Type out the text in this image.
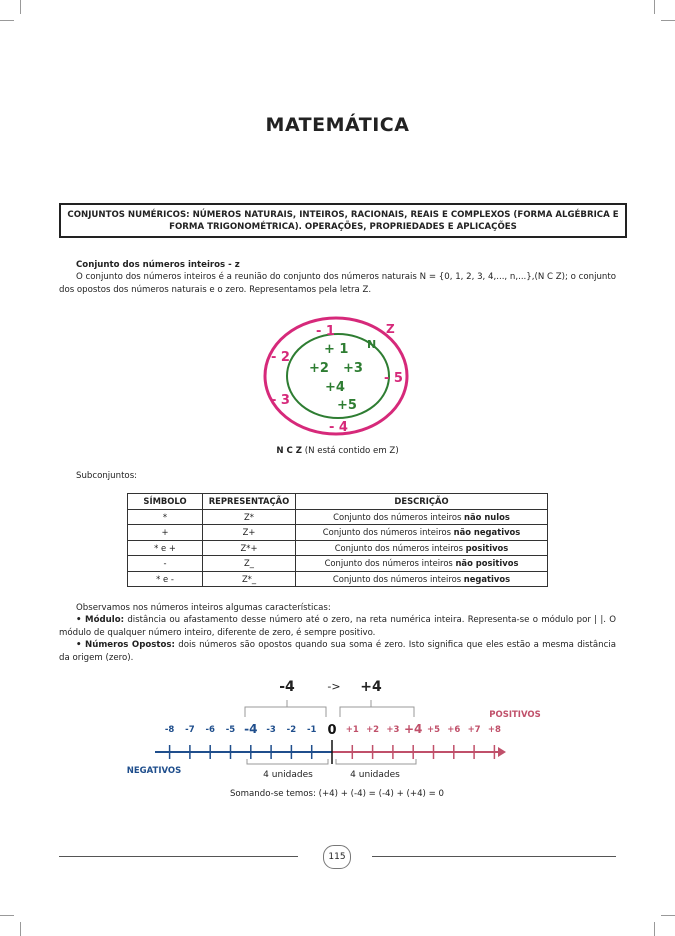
MATEMÁTICA
CONJUNTOS NUMÉRICOS: NÚMEROS NATURAIS, INTEIROS, RACIONAIS, REAIS E COMPLEXOS (FORMA ALGÉBRICA E FORMA TRIGONOMÉTRICA). OPERAÇÕES, PROPRIEDADES E APLICAÇÕES
Conjunto dos números inteiros - z
O conjunto dos números inteiros é a reunião do conjunto dos números naturais N = {0, 1, 2, 3, 4,..., n,...},(N C Z); o conjunto dos opostos dos números naturais e o zero. Representamos pela letra Z.
Z
N
- 1
- 2
- 3
- 4
- 5
+ 1
+2 +3
+4
+5
N C Z (N está contido em Z)
Subconjuntos:
SÍMBOLO	REPRESENTAÇÃO	DESCRIÇÃO
*	Z*	Conjunto dos números inteiros não nulos
+	Z+	Conjunto dos números inteiros não negativos
* e +	Z*+	Conjunto dos números inteiros positivos
-	Z_	Conjunto dos números inteiros não positivos
* e -	Z*_	Conjunto dos números inteiros negativos
Observamos nos números inteiros algumas características:
• Módulo: distância ou afastamento desse número até o zero, na reta numérica inteira. Representa-se o módulo por | |. O módulo de qualquer número inteiro, diferente de zero, é sempre positivo.
• Números Opostos: dois números são opostos quando sua soma é zero. Isto significa que eles estão a mesma distância da origem (zero).
-4	-> +4
POSITIVOS
-8 -7 -6 -5 -4 -3 -2 -1 0 +1 +2 +3 +4 +5 +6 +7 +8
NEGATIVOS	4 unidades	4 unidades
Somando-se temos: (+4) + (-4) = (-4) + (+4) = 0
115
